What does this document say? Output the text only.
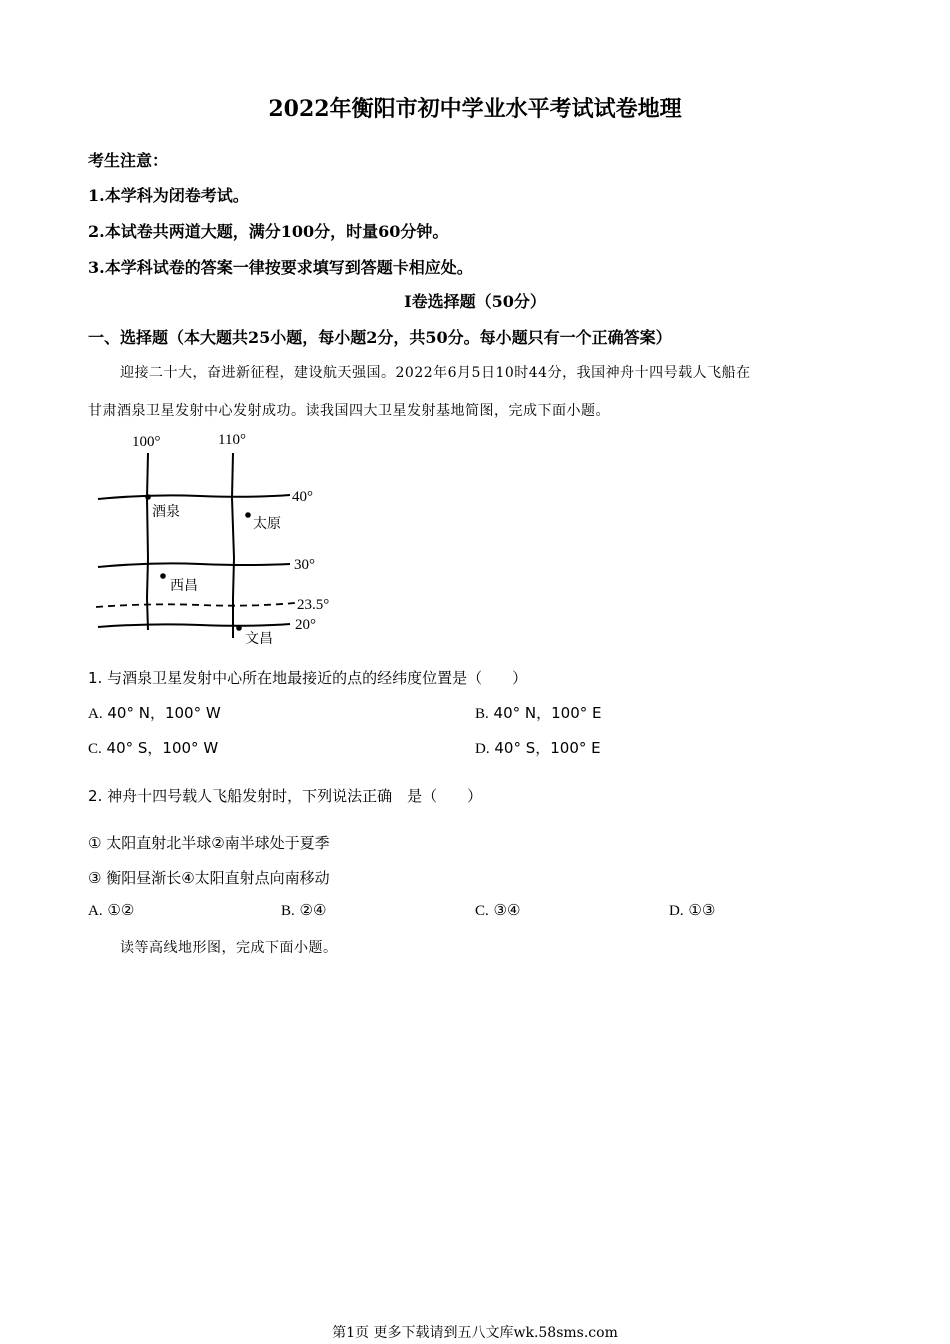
2022年衡阳市初中学业水平考试试卷地理
考生注意：
1.本学科为闭卷考试。
2.本试卷共两道大题，满分100分，时量60分钟。
3.本学科试卷的答案一律按要求填写到答题卡相应处。
I卷选择题（50分）
一、选择题（本大题共25小题，每小题2分，共50分。每小题只有一个正确答案）
迎接二十大，奋进新征程，建设航天强国。2022年6月5日10时44分，我国神舟十四号载人飞船在
甘肃酒泉卫星发射中心发射成功。读我国四大卫星发射基地简图，完成下面小题。
100°	110°
40°
30°
23.5°
20°
酒泉
太原
西昌
文昌
1. 与酒泉卫星发射中心所在地最接近的点的经纬度位置是（　　）
A. 40° N，100° W	B. 40° N，100° E
C. 40° S，100° W	D. 40° S，100° E
2. 神舟十四号载人飞船发射时，下列说法正确　是（　　）
① 太阳直射北半球②南半球处于夏季
③ 衡阳昼渐长④太阳直射点向南移动
A. ①②	B. ②④	C. ③④	D. ①③
读等高线地形图，完成下面小题。
第1页 更多下载请到五八文库wk.58sms.com
